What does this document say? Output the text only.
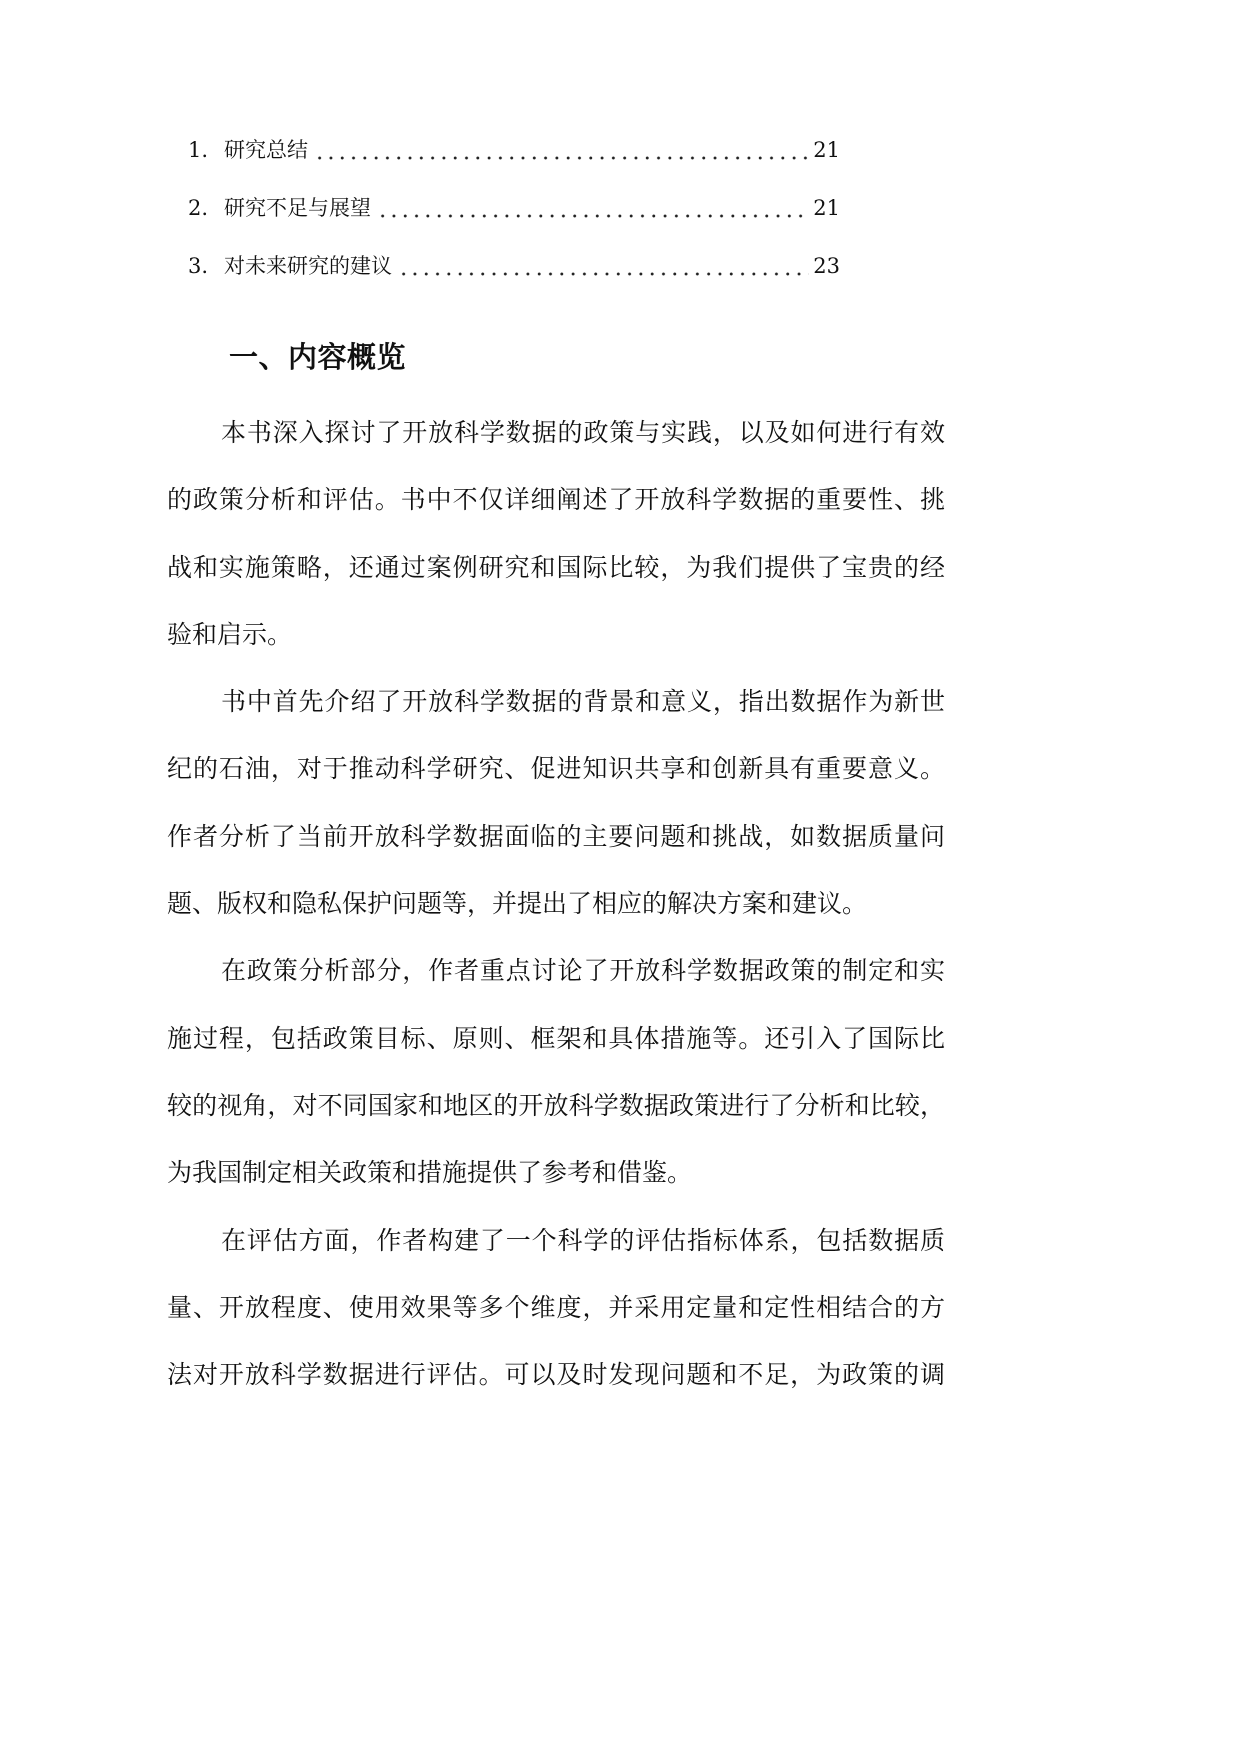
1. 研究总结	21
2. 研究不足与展望	21
3. 对未来研究的建议	23
一、内容概览
本书深入探讨了开放科学数据的政策与实践，以及如何进行有效
的政策分析和评估。书中不仅详细阐述了开放科学数据的重要性、挑
战和实施策略，还通过案例研究和国际比较，为我们提供了宝贵的经
验和启示。
书中首先介绍了开放科学数据的背景和意义，指出数据作为新世
纪的石油，对于推动科学研究、促进知识共享和创新具有重要意义。
作者分析了当前开放科学数据面临的主要问题和挑战，如数据质量问
题、版权和隐私保护问题等，并提出了相应的解决方案和建议。
在政策分析部分，作者重点讨论了开放科学数据政策的制定和实
施过程，包括政策目标、原则、框架和具体措施等。还引入了国际比
较的视角，对不同国家和地区的开放科学数据政策进行了分析和比较，
为我国制定相关政策和措施提供了参考和借鉴。
在评估方面，作者构建了一个科学的评估指标体系，包括数据质
量、开放程度、使用效果等多个维度，并采用定量和定性相结合的方
法对开放科学数据进行评估。可以及时发现问题和不足，为政策的调
